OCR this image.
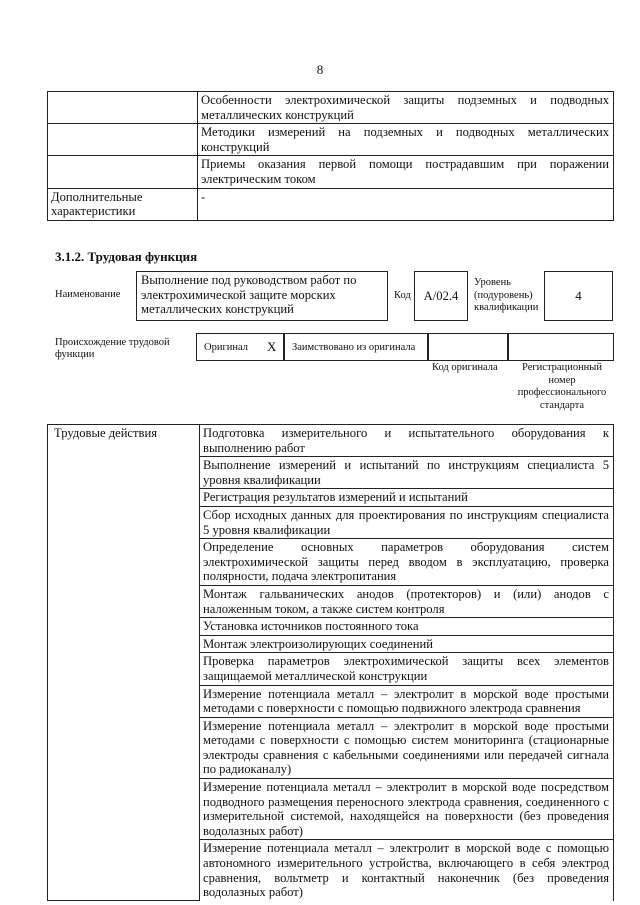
8
	Особенности электрохимической защиты подземных и подводных металлических конструкций
	Методики измерений на подземных и подводных металлических конструкций
	Приемы оказания первой помощи пострадавшим при поражении электрическим током
Дополнительные характеристики	-
3.1.2. Трудовая функция
Наименование
Выполнение под руководством работ по электрохимической защите морских металлических конструкций
Код	A/02.4
Уровень (подуровень) квалификации
4
Происхождение трудовой функции
Оригинал X Заимствовано из оригинала
Код оригинала	Регистрационный номер профессионального стандарта
Трудовые действия	Подготовка измерительного и испытательного оборудования к выполнению работ
Выполнение измерений и испытаний по инструкциям специалиста 5 уровня квалификации
Регистрация результатов измерений и испытаний
Сбор исходных данных для проектирования по инструкциям специалиста 5 уровня квалификации
Определение основных параметров оборудования систем электрохимической защиты перед вводом в эксплуатацию, проверка полярности, подача электропитания
Монтаж гальванических анодов (протекторов) и (или) анодов с наложенным током, а также систем контроля
Установка источников постоянного тока
Монтаж электроизолирующих соединений
Проверка параметров электрохимической защиты всех элементов защищаемой металлической конструкции
Измерение потенциала металл – электролит в морской воде простыми методами с поверхности с помощью подвижного электрода сравнения
Измерение потенциала металл – электролит в морской воде простыми методами с поверхности с помощью систем мониторинга (стационарные электроды сравнения с кабельными соединениями или передачей сигнала по радиоканалу)
Измерение потенциала металл – электролит в морской воде посредством подводного размещения переносного электрода сравнения, соединенного с измерительной системой, находящейся на поверхности (без проведения водолазных работ)
Измерение потенциала металл – электролит в морской воде с помощью автономного измерительного устройства, включающего в себя электрод сравнения, вольтметр и контактный наконечник (без проведения водолазных работ)
